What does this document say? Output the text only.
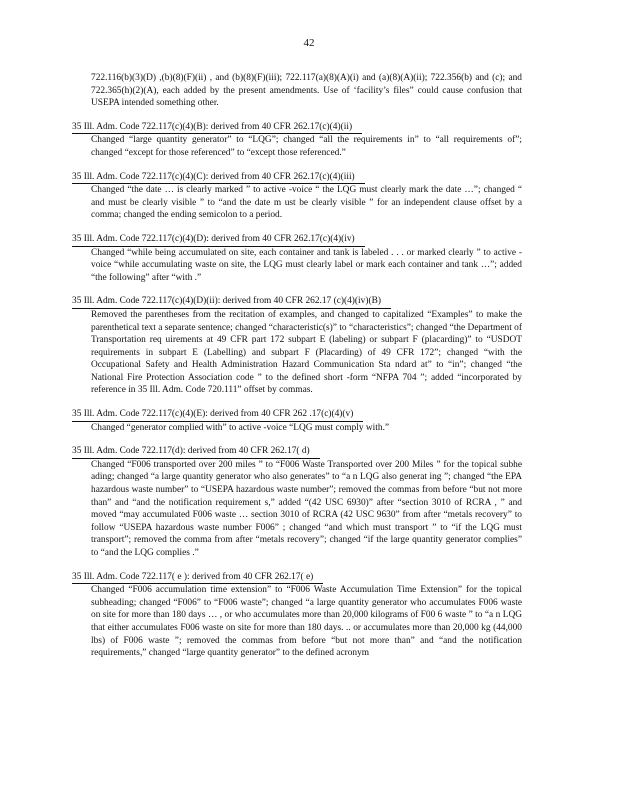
42

722.116(b)(3)(D) ,(b)(8)(F)(ii) , and (b)(8)(F)(iii); 722.117(a)(8)(A)(i) and (a)(8)(A)(ii); 722.356(b) and (c); and 722.365(h)(2)(A), each added by the present amendments. Use of ‘facility’s files” could cause confusion that USEPA intended something other.

35 Ill. Adm. Code 722.117(c)(4)(B): derived from 40 CFR 262.17(c)(4)(ii)

Changed “large quantity generator” to “LQG”; changed “all the requirements in” to “all requirements of”; changed “except for those referenced” to “except those referenced.”

35 Ill. Adm. Code 722.117(c)(4)(C): derived from 40 CFR 262.17(c)(4)(iii)

Changed “the date … is clearly marked ” to active -voice “ the LQG must clearly mark the date …”; changed “ and must be clearly visible ” to “and the date m ust be clearly visible ” for an independent clause offset by a comma; changed the ending semicolon to a period.

35 Ill. Adm. Code 722.117(c)(4)(D): derived from 40 CFR 262.17(c)(4)(iv)

Changed “while being accumulated on site, each container and tank is labeled . . . or marked clearly ” to active -voice “while accumulating waste on site, the LQG must clearly label or mark each container and tank …”; added “the following” after “with .”

35 Ill. Adm. Code 722.117(c)(4)(D)(ii): derived from 40 CFR 262.17 (c)(4)(iv)(B)

Removed the parentheses from the recitation of examples, and changed to capitalized “Examples” to make the parenthetical text a separate sentence; changed “characteristic(s)” to “characteristics”; changed “the Department of Transportation req uirements at 49 CFR part 172 subpart E (labeling) or subpart F (placarding)” to “USDOT requirements in subpart E (Labelling) and subpart F (Placarding) of 49 CFR 172”; changed “with the Occupational Safety and Health Administration Hazard Communication Sta ndard at” to “in”; changed “the National Fire Protection Association code ” to the defined short -form “NFPA 704 ”; added “incorporated by reference in 35 Ill. Adm. Code 720.111” offset by commas.

35 Ill. Adm. Code 722.117(c)(4)(E): derived from 40 CFR 262 .17(c)(4)(v)

Changed “generator complied with” to active -voice “LQG must comply with.”

35 Ill. Adm. Code 722.117(d): derived from 40 CFR 262.17( d)

Changed “F006 transported over 200 miles ” to “F006 Waste Transported over 200 Miles ” for the topical subhe ading; changed “a large quantity generator who also generates” to “a n LQG also generat ing ”; changed “the EPA hazardous waste number” to “USEPA hazardous waste number”; removed the commas from before “but not more than” and “and the notification requirement s,” added “(42 USC 6930)” after “section 3010 of RCRA , ” and moved “may accumulated F006 waste … section 3010 of RCRA (42 USC 9630” from after “metals recovery” to follow “USEPA hazardous waste number F006” ; changed “and which must transport ” to “if the LQG must transport”; removed the comma from after “metals recovery”; changed “if the large quantity generator complies” to “and the LQG complies .”

35 Ill. Adm. Code 722.117( e ): derived from 40 CFR 262.17( e)

Changed “F006 accumulation time extension” to “F006 Waste Accumulation Time Extension” for the topical subheading; changed “F006” to “F006 waste”; changed “a large quantity generator who accumulates F006 waste on site for more than 180 days … , or who accumulates more than 20,000 kilograms of F00 6 waste ” to “a n LQG that either accumulates F006 waste on site for more than 180 days. .. or accumulates more than 20,000 kg (44,000 lbs) of F006 waste ”; removed the commas from before “but not more than” and “and the notification requirements,” changed “large quantity generator” to the defined acronym
